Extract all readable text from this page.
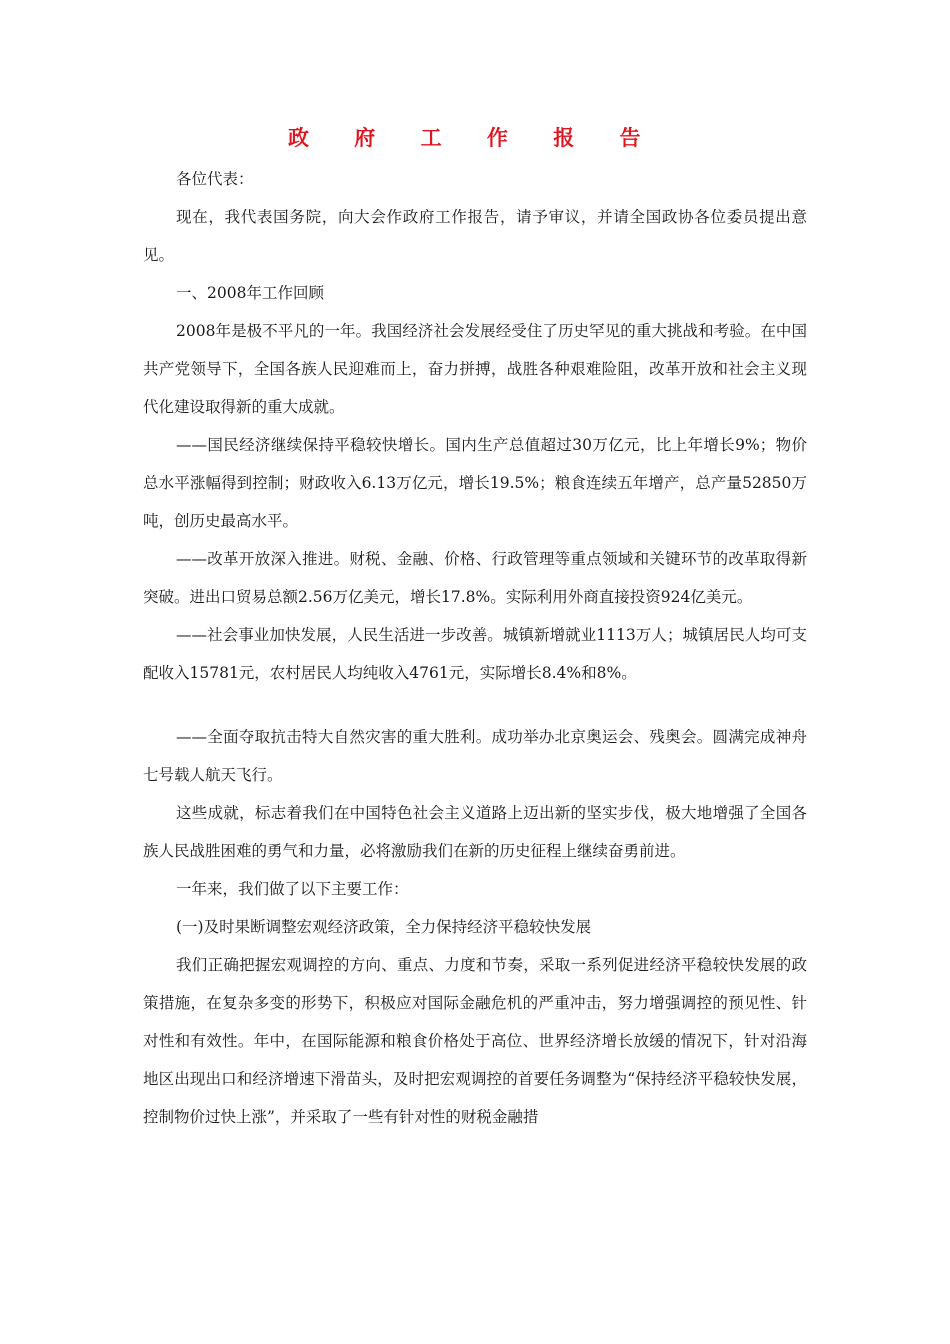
政 府 工 作 报 告

各位代表：

现在，我代表国务院，向大会作政府工作报告，请予审议，并请全国政协各位委员提出意见。

一、2008年工作回顾

2008年是极不平凡的一年。我国经济社会发展经受住了历史罕见的重大挑战和考验。在中国共产党领导下，全国各族人民迎难而上，奋力拼搏，战胜各种艰难险阻，改革开放和社会主义现代化建设取得新的重大成就。

——国民经济继续保持平稳较快增长。国内生产总值超过30万亿元，比上年增长9%；物价总水平涨幅得到控制；财政收入6.13万亿元，增长19.5%；粮食连续五年增产，总产量52850万吨，创历史最高水平。

——改革开放深入推进。财税、金融、价格、行政管理等重点领域和关键环节的改革取得新突破。进出口贸易总额2.56万亿美元，增长17.8%。实际利用外商直接投资924亿美元。

——社会事业加快发展，人民生活进一步改善。城镇新增就业1113万人；城镇居民人均可支配收入15781元，农村居民人均纯收入4761元，实际增长8.4%和8%。

——全面夺取抗击特大自然灾害的重大胜利。成功举办北京奥运会、残奥会。圆满完成神舟七号载人航天飞行。

这些成就，标志着我们在中国特色社会主义道路上迈出新的坚实步伐，极大地增强了全国各族人民战胜困难的勇气和力量，必将激励我们在新的历史征程上继续奋勇前进。

一年来，我们做了以下主要工作：

(一)及时果断调整宏观经济政策，全力保持经济平稳较快发展

我们正确把握宏观调控的方向、重点、力度和节奏，采取一系列促进经济平稳较快发展的政策措施，在复杂多变的形势下，积极应对国际金融危机的严重冲击，努力增强调控的预见性、针对性和有效性。年中，在国际能源和粮食价格处于高位、世界经济增长放缓的情况下，针对沿海地区出现出口和经济增速下滑苗头，及时把宏观调控的首要任务调整为“保持经济平稳较快发展，控制物价过快上涨”，并采取了一些有针对性的财税金融措
